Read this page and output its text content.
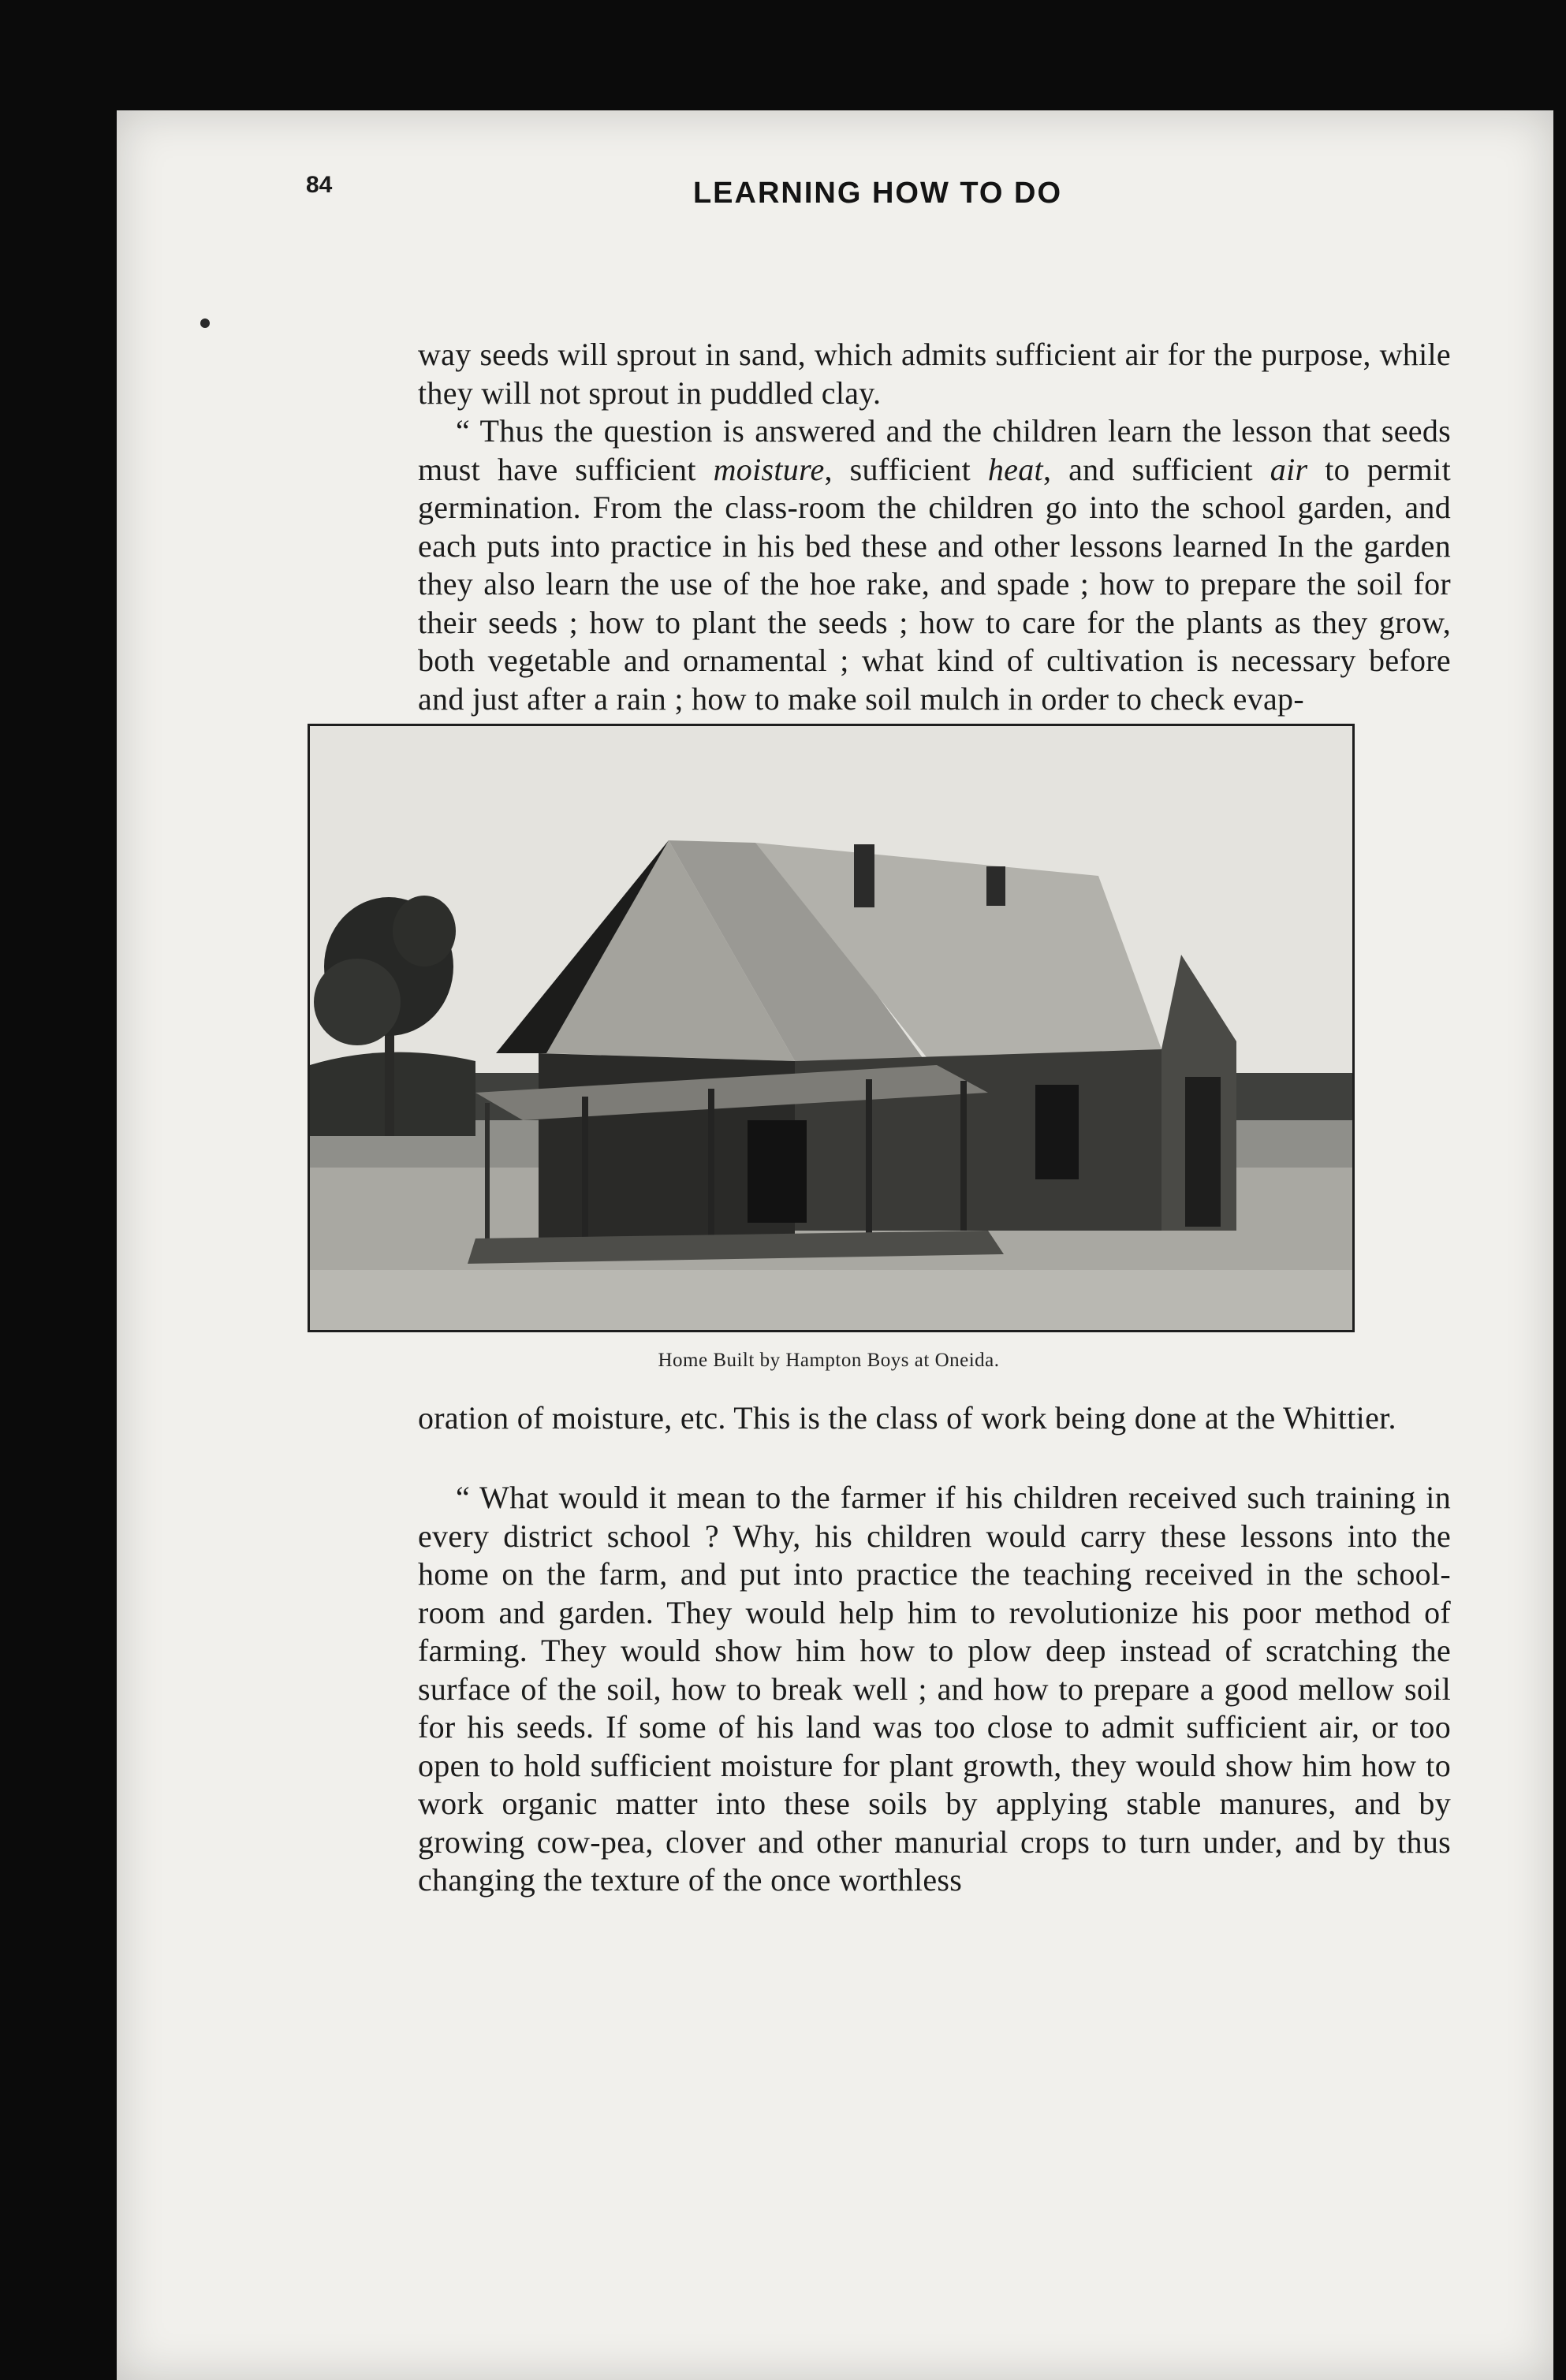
84	LEARNING HOW TO DO

way seeds will sprout in sand, which admits sufficient air for the purpose, while they will not sprout in puddled clay.

“ Thus the question is answered and the children learn the lesson that seeds must have sufficient moisture, sufficient heat, and sufficient air to permit germination. From the class-room the children go into the school garden, and each puts into practice in his bed these and other lessons learned In the garden they also learn the use of the hoe rake, and spade ; how to prepare the soil for their seeds ; how to plant the seeds ; how to care for the plants as they grow, both vegetable and ornamental ; what kind of cultivation is necessary before and just after a rain ; how to make soil mulch in order to check evap-

Home Built by Hampton Boys at Oneida.

oration of moisture, etc. This is the class of work being done at the Whittier.

“ What would it mean to the farmer if his children received such training in every district school ? Why, his children would carry these lessons into the home on the farm, and put into practice the teaching received in the school-room and garden. They would help him to revolutionize his poor method of farming. They would show him how to plow deep instead of scratching the surface of the soil, how to break well ; and how to prepare a good mellow soil for his seeds. If some of his land was too close to admit sufficient air, or too open to hold sufficient moisture for plant growth, they would show him how to work organic matter into these soils by applying stable manures, and by growing cow-pea, clover and other manurial crops to turn under, and by thus changing the texture of the once worthless
